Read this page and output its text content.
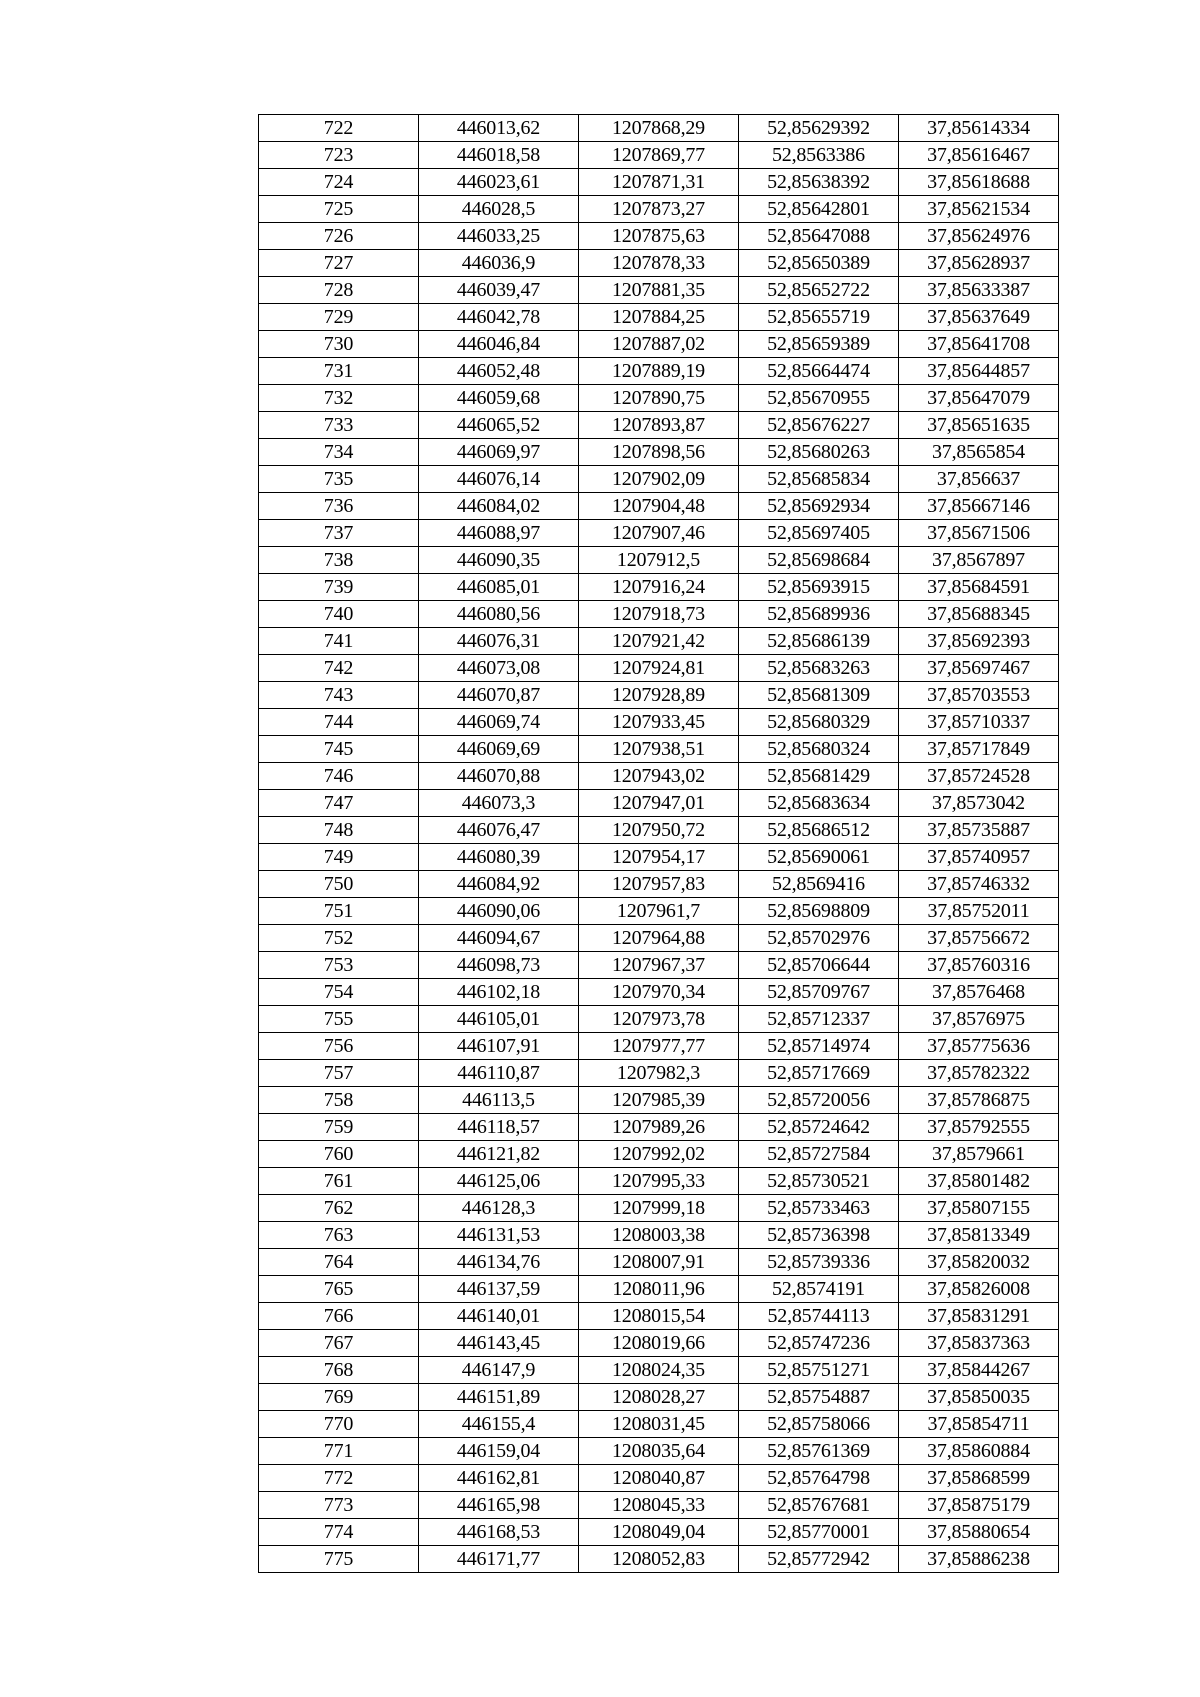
722	446013,62	1207868,29	52,85629392	37,85614334
723	446018,58	1207869,77	52,8563386	37,85616467
724	446023,61	1207871,31	52,85638392	37,85618688
725	446028,5	1207873,27	52,85642801	37,85621534
726	446033,25	1207875,63	52,85647088	37,85624976
727	446036,9	1207878,33	52,85650389	37,85628937
728	446039,47	1207881,35	52,85652722	37,85633387
729	446042,78	1207884,25	52,85655719	37,85637649
730	446046,84	1207887,02	52,85659389	37,85641708
731	446052,48	1207889,19	52,85664474	37,85644857
732	446059,68	1207890,75	52,85670955	37,85647079
733	446065,52	1207893,87	52,85676227	37,85651635
734	446069,97	1207898,56	52,85680263	37,8565854
735	446076,14	1207902,09	52,85685834	37,856637
736	446084,02	1207904,48	52,85692934	37,85667146
737	446088,97	1207907,46	52,85697405	37,85671506
738	446090,35	1207912,5	52,85698684	37,8567897
739	446085,01	1207916,24	52,85693915	37,85684591
740	446080,56	1207918,73	52,85689936	37,85688345
741	446076,31	1207921,42	52,85686139	37,85692393
742	446073,08	1207924,81	52,85683263	37,85697467
743	446070,87	1207928,89	52,85681309	37,85703553
744	446069,74	1207933,45	52,85680329	37,85710337
745	446069,69	1207938,51	52,85680324	37,85717849
746	446070,88	1207943,02	52,85681429	37,85724528
747	446073,3	1207947,01	52,85683634	37,8573042
748	446076,47	1207950,72	52,85686512	37,85735887
749	446080,39	1207954,17	52,85690061	37,85740957
750	446084,92	1207957,83	52,8569416	37,85746332
751	446090,06	1207961,7	52,85698809	37,85752011
752	446094,67	1207964,88	52,85702976	37,85756672
753	446098,73	1207967,37	52,85706644	37,85760316
754	446102,18	1207970,34	52,85709767	37,8576468
755	446105,01	1207973,78	52,85712337	37,8576975
756	446107,91	1207977,77	52,85714974	37,85775636
757	446110,87	1207982,3	52,85717669	37,85782322
758	446113,5	1207985,39	52,85720056	37,85786875
759	446118,57	1207989,26	52,85724642	37,85792555
760	446121,82	1207992,02	52,85727584	37,8579661
761	446125,06	1207995,33	52,85730521	37,85801482
762	446128,3	1207999,18	52,85733463	37,85807155
763	446131,53	1208003,38	52,85736398	37,85813349
764	446134,76	1208007,91	52,85739336	37,85820032
765	446137,59	1208011,96	52,8574191	37,85826008
766	446140,01	1208015,54	52,85744113	37,85831291
767	446143,45	1208019,66	52,85747236	37,85837363
768	446147,9	1208024,35	52,85751271	37,85844267
769	446151,89	1208028,27	52,85754887	37,85850035
770	446155,4	1208031,45	52,85758066	37,85854711
771	446159,04	1208035,64	52,85761369	37,85860884
772	446162,81	1208040,87	52,85764798	37,85868599
773	446165,98	1208045,33	52,85767681	37,85875179
774	446168,53	1208049,04	52,85770001	37,85880654
775	446171,77	1208052,83	52,85772942	37,85886238
